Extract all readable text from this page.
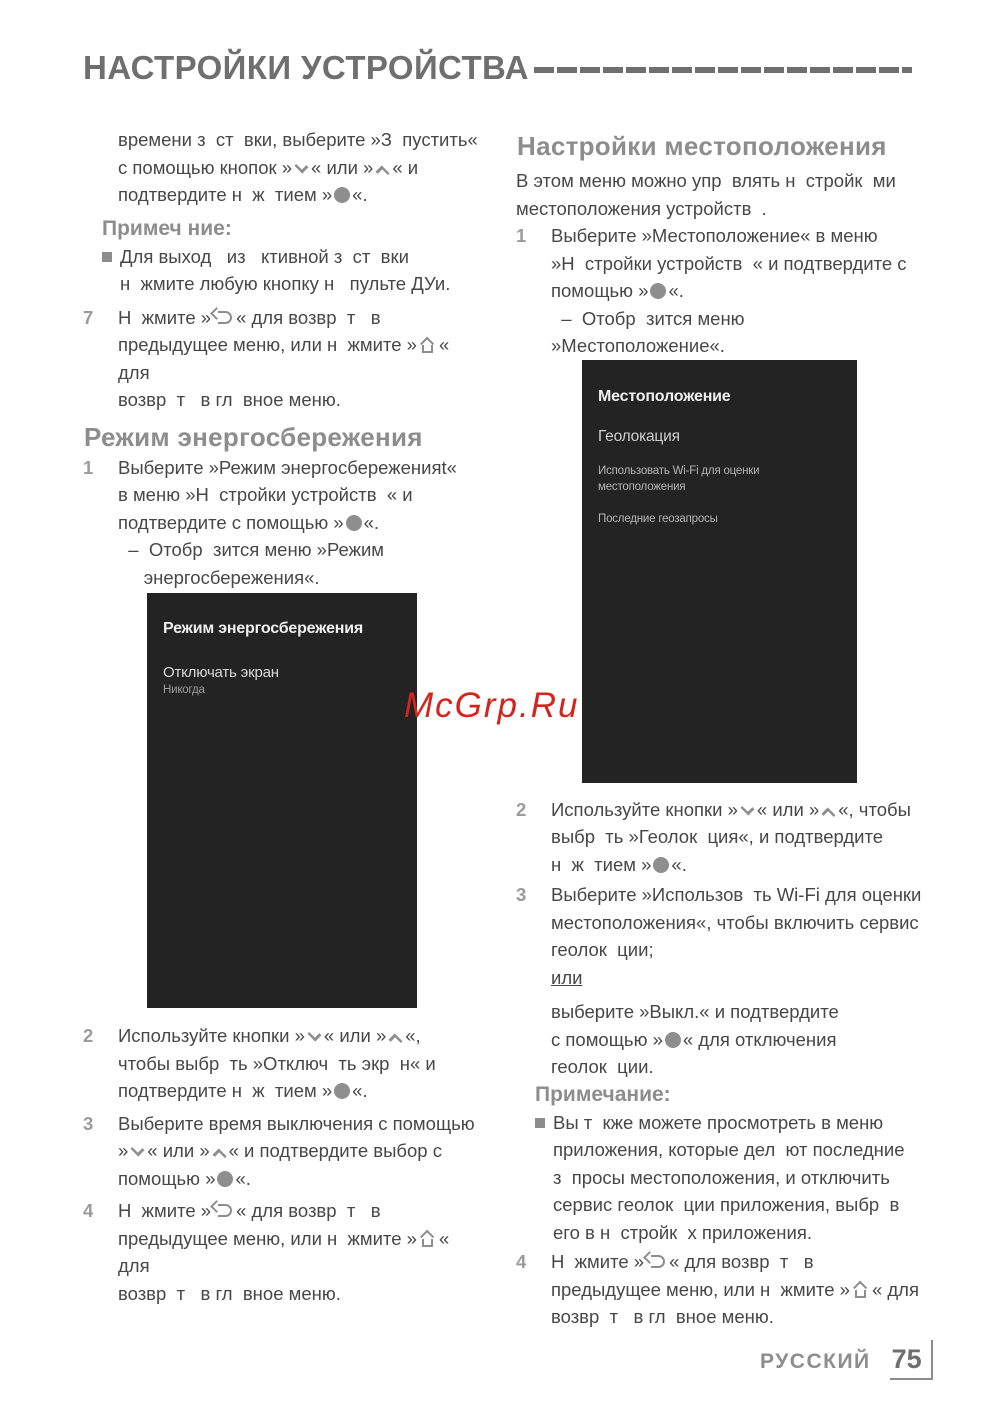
НАСТРОЙКИ УСТРОЙСТВА
времени з  ст  вки, выберите »З  пустить«
с помощью кнопок » « или » « и
подтвердите н  ж  тием » «.
Примеч ние:
Для выход   из   ктивной з  ст  вки
н  жмите любую кнопку н   пульте ДУи.
7	Н  жмите » « для возвр  т   в
предыдущее меню, или н  жмите » « для
возвр  т   в гл  вное меню.
Режим энергосбережения
1	Выберите »Режим энергосбереженияt«
в меню »Н  стройки устройств  « и
подтвердите с помощью » «.
–  Отобр  зится меню »Режим
энергосбережения«.
Режим энергосбережения
Отключать экран
Никогда
2	Используйте кнопки » « или » «,
чтобы выбр  ть »Отключ  ть экр  н« и
подтвердите н  ж  тием » «.
3	Выберите время выключения с помощью
» « или » « и подтвердите выбор с
помощью » «.
4	Н  жмите » « для возвр  т   в
предыдущее меню, или н  жмите » « для
возвр  т   в гл  вное меню.
Настройки местоположения
В этом меню можно упр  влять н  стройк  ми
местоположения устройств  .
1	Выберите »Местоположение« в меню
»Н  стройки устройств  « и подтвердите с
помощью » «.
–  Отобр  зится меню »Местоположение«.
Местоположение
Геолокация
Использовать Wi-Fi для оценки местоположения
Последние геозапросы
2	Используйте кнопки » « или » «, чтобы
выбр  ть »Геолок  ция«, и подтвердите
н  ж  тием » «.
3	Выберите »Использов  ть Wi-Fi для оценки
местоположения«, чтобы включить сервис
геолок  ции;
или
выберите »Выкл.« и подтвердите
с помощью » « для отключения
геолок  ции.
Примечание:
Вы т  кже можете просмотреть в меню
приложения, которые дел  ют последние
з  просы местоположения, и отключить
сервис геолок  ции приложения, выбр  в
его в н  стройк  х приложения.
4	Н  жмите » « для возвр  т   в
предыдущее меню, или н  жмите » « для
возвр  т   в гл  вное меню.
McGrp.Ru
РУССКИЙ 75
